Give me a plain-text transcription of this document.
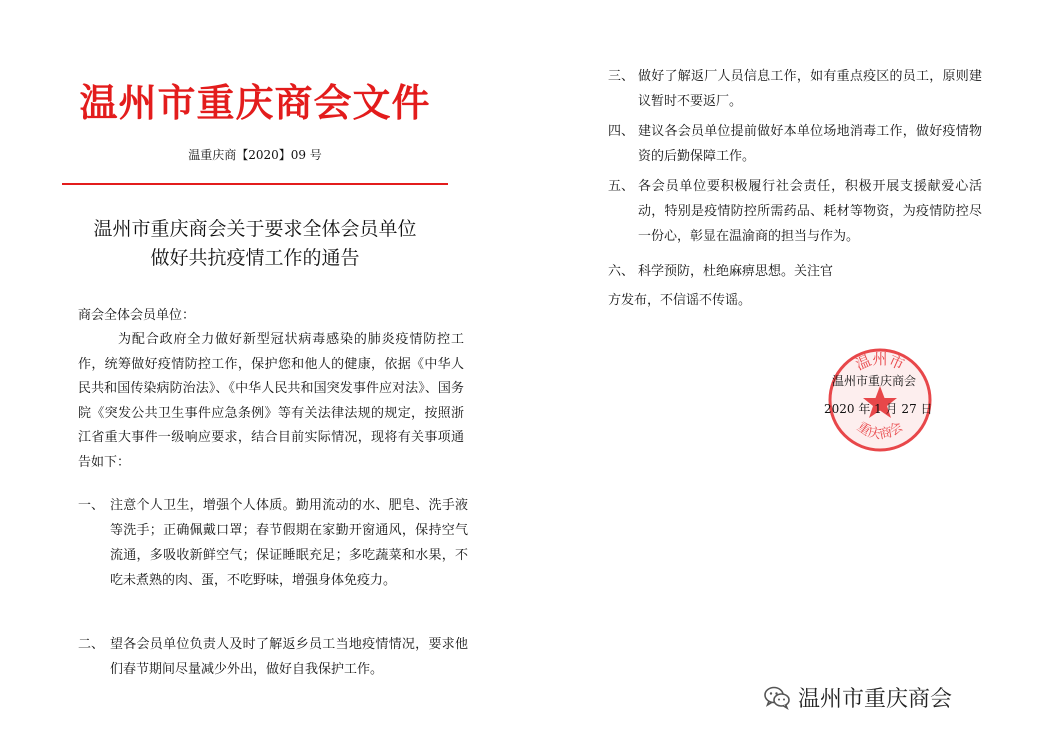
温州市重庆商会文件
温重庆商【2020】09 号
温州市重庆商会关于要求全体会员单位
做好共抗疫情工作的通告
商会全体会员单位：
为配合政府全力做好新型冠状病毒感染的肺炎疫情防控工作，统筹做好疫情防控工作，保护您和他人的健康，依据《中华人民共和国传染病防治法》、《中华人民共和国突发事件应对法》、国务院《突发公共卫生事件应急条例》等有关法律法规的规定，按照浙江省重大事件一级响应要求，结合目前实际情况，现将有关事项通告如下：
一、 注意个人卫生，增强个人体质。勤用流动的水、肥皂、洗手液等洗手；正确佩戴口罩；春节假期在家勤开窗通风，保持空气流通，多吸收新鲜空气；保证睡眠充足；多吃蔬菜和水果，不吃未煮熟的肉、蛋，不吃野味，增强身体免疫力。
二、 望各会员单位负责人及时了解返乡员工当地疫情情况，要求他们春节期间尽量减少外出，做好自我保护工作。
三、 做好了解返厂人员信息工作，如有重点疫区的员工，原则建议暂时不要返厂。
四、 建议各会员单位提前做好本单位场地消毒工作，做好疫情物资的后勤保障工作。
五、 各会员单位要积极履行社会责任，积极开展支援献爱心活动，特别是疫情防控所需药品、耗材等物资，为疫情防控尽一份心，彰显在温渝商的担当与作为。
六、 科学预防，杜绝麻痹思想。关注官
方发布，不信谣不传谣。
温州市
重庆商会
温州市重庆商会
2020 年 1 月 27 日
温州市重庆商会
